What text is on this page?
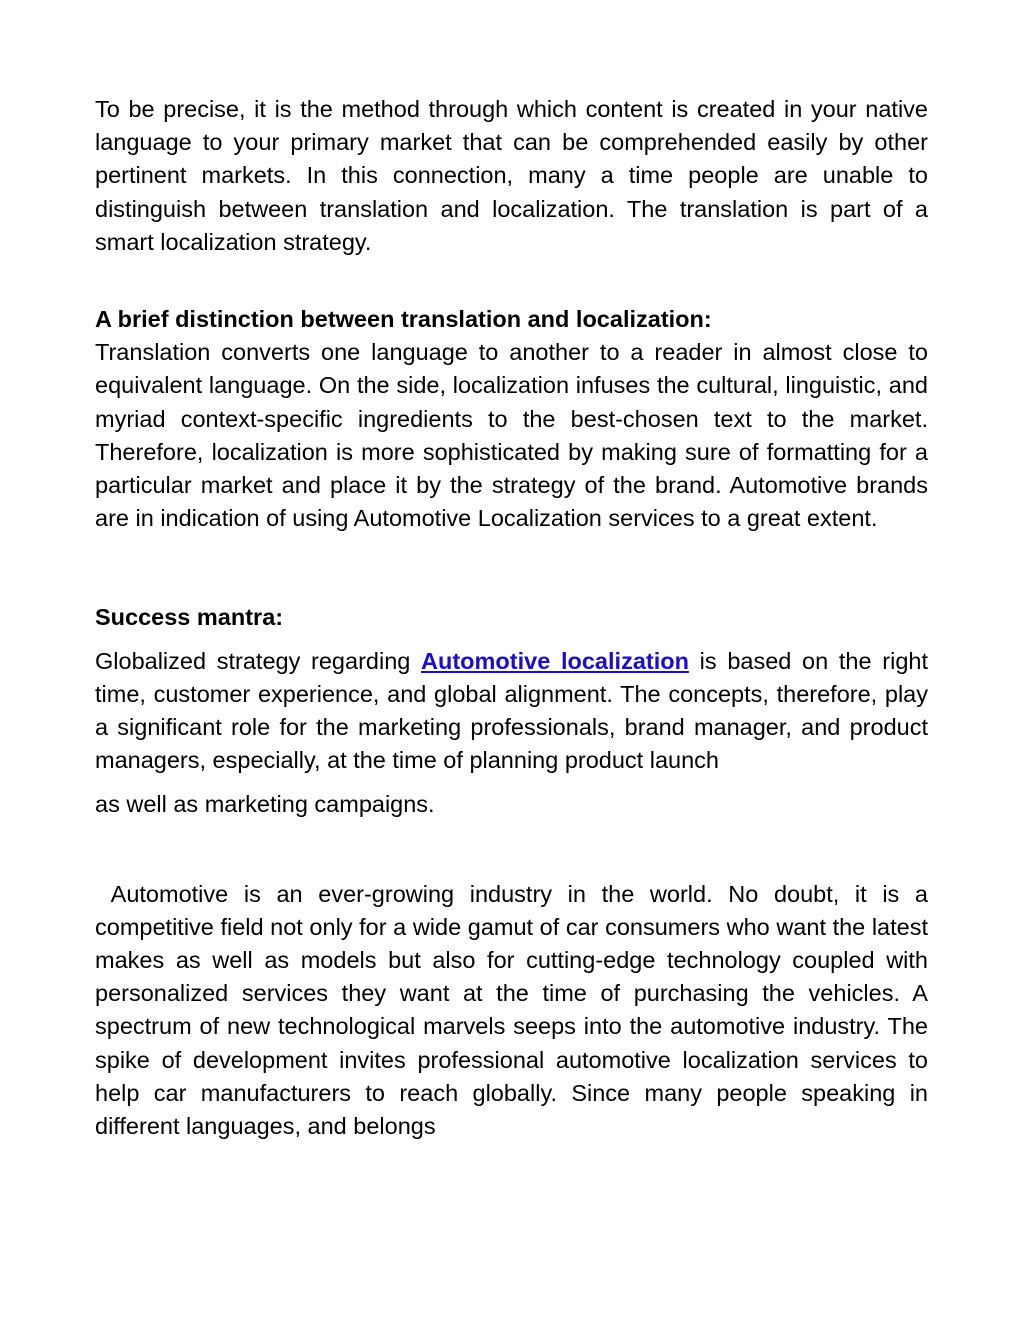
To be precise, it is the method through which content is created in your native language to your primary market that can be comprehended easily by other pertinent markets. In this connection, many a time people are unable to distinguish between translation and localization. The translation is part of a smart localization strategy.

A brief distinction between translation and localization:

Translation converts one language to another to a reader in almost close to equivalent language. On the side, localization infuses the cultural, linguistic, and myriad context-specific ingredients to the best-chosen text to the market. Therefore, localization is more sophisticated by making sure of formatting for a particular market and place it by the strategy of the brand. Automotive brands are in indication of using Automotive Localization services to a great extent.

Success mantra:

Globalized strategy regarding Automotive localization is based on the right time, customer experience, and global alignment. The concepts, therefore, play a significant role for the marketing professionals, brand manager, and product managers, especially, at the time of planning product launch

as well as marketing campaigns.

Automotive is an ever-growing industry in the world. No doubt, it is a competitive field not only for a wide gamut of car consumers who want the latest makes as well as models but also for cutting-edge technology coupled with personalized services they want at the time of purchasing the vehicles. A spectrum of new technological marvels seeps into the automotive industry. The spike of development invites professional automotive localization services to help car manufacturers to reach globally. Since many people speaking in different languages, and belongs
